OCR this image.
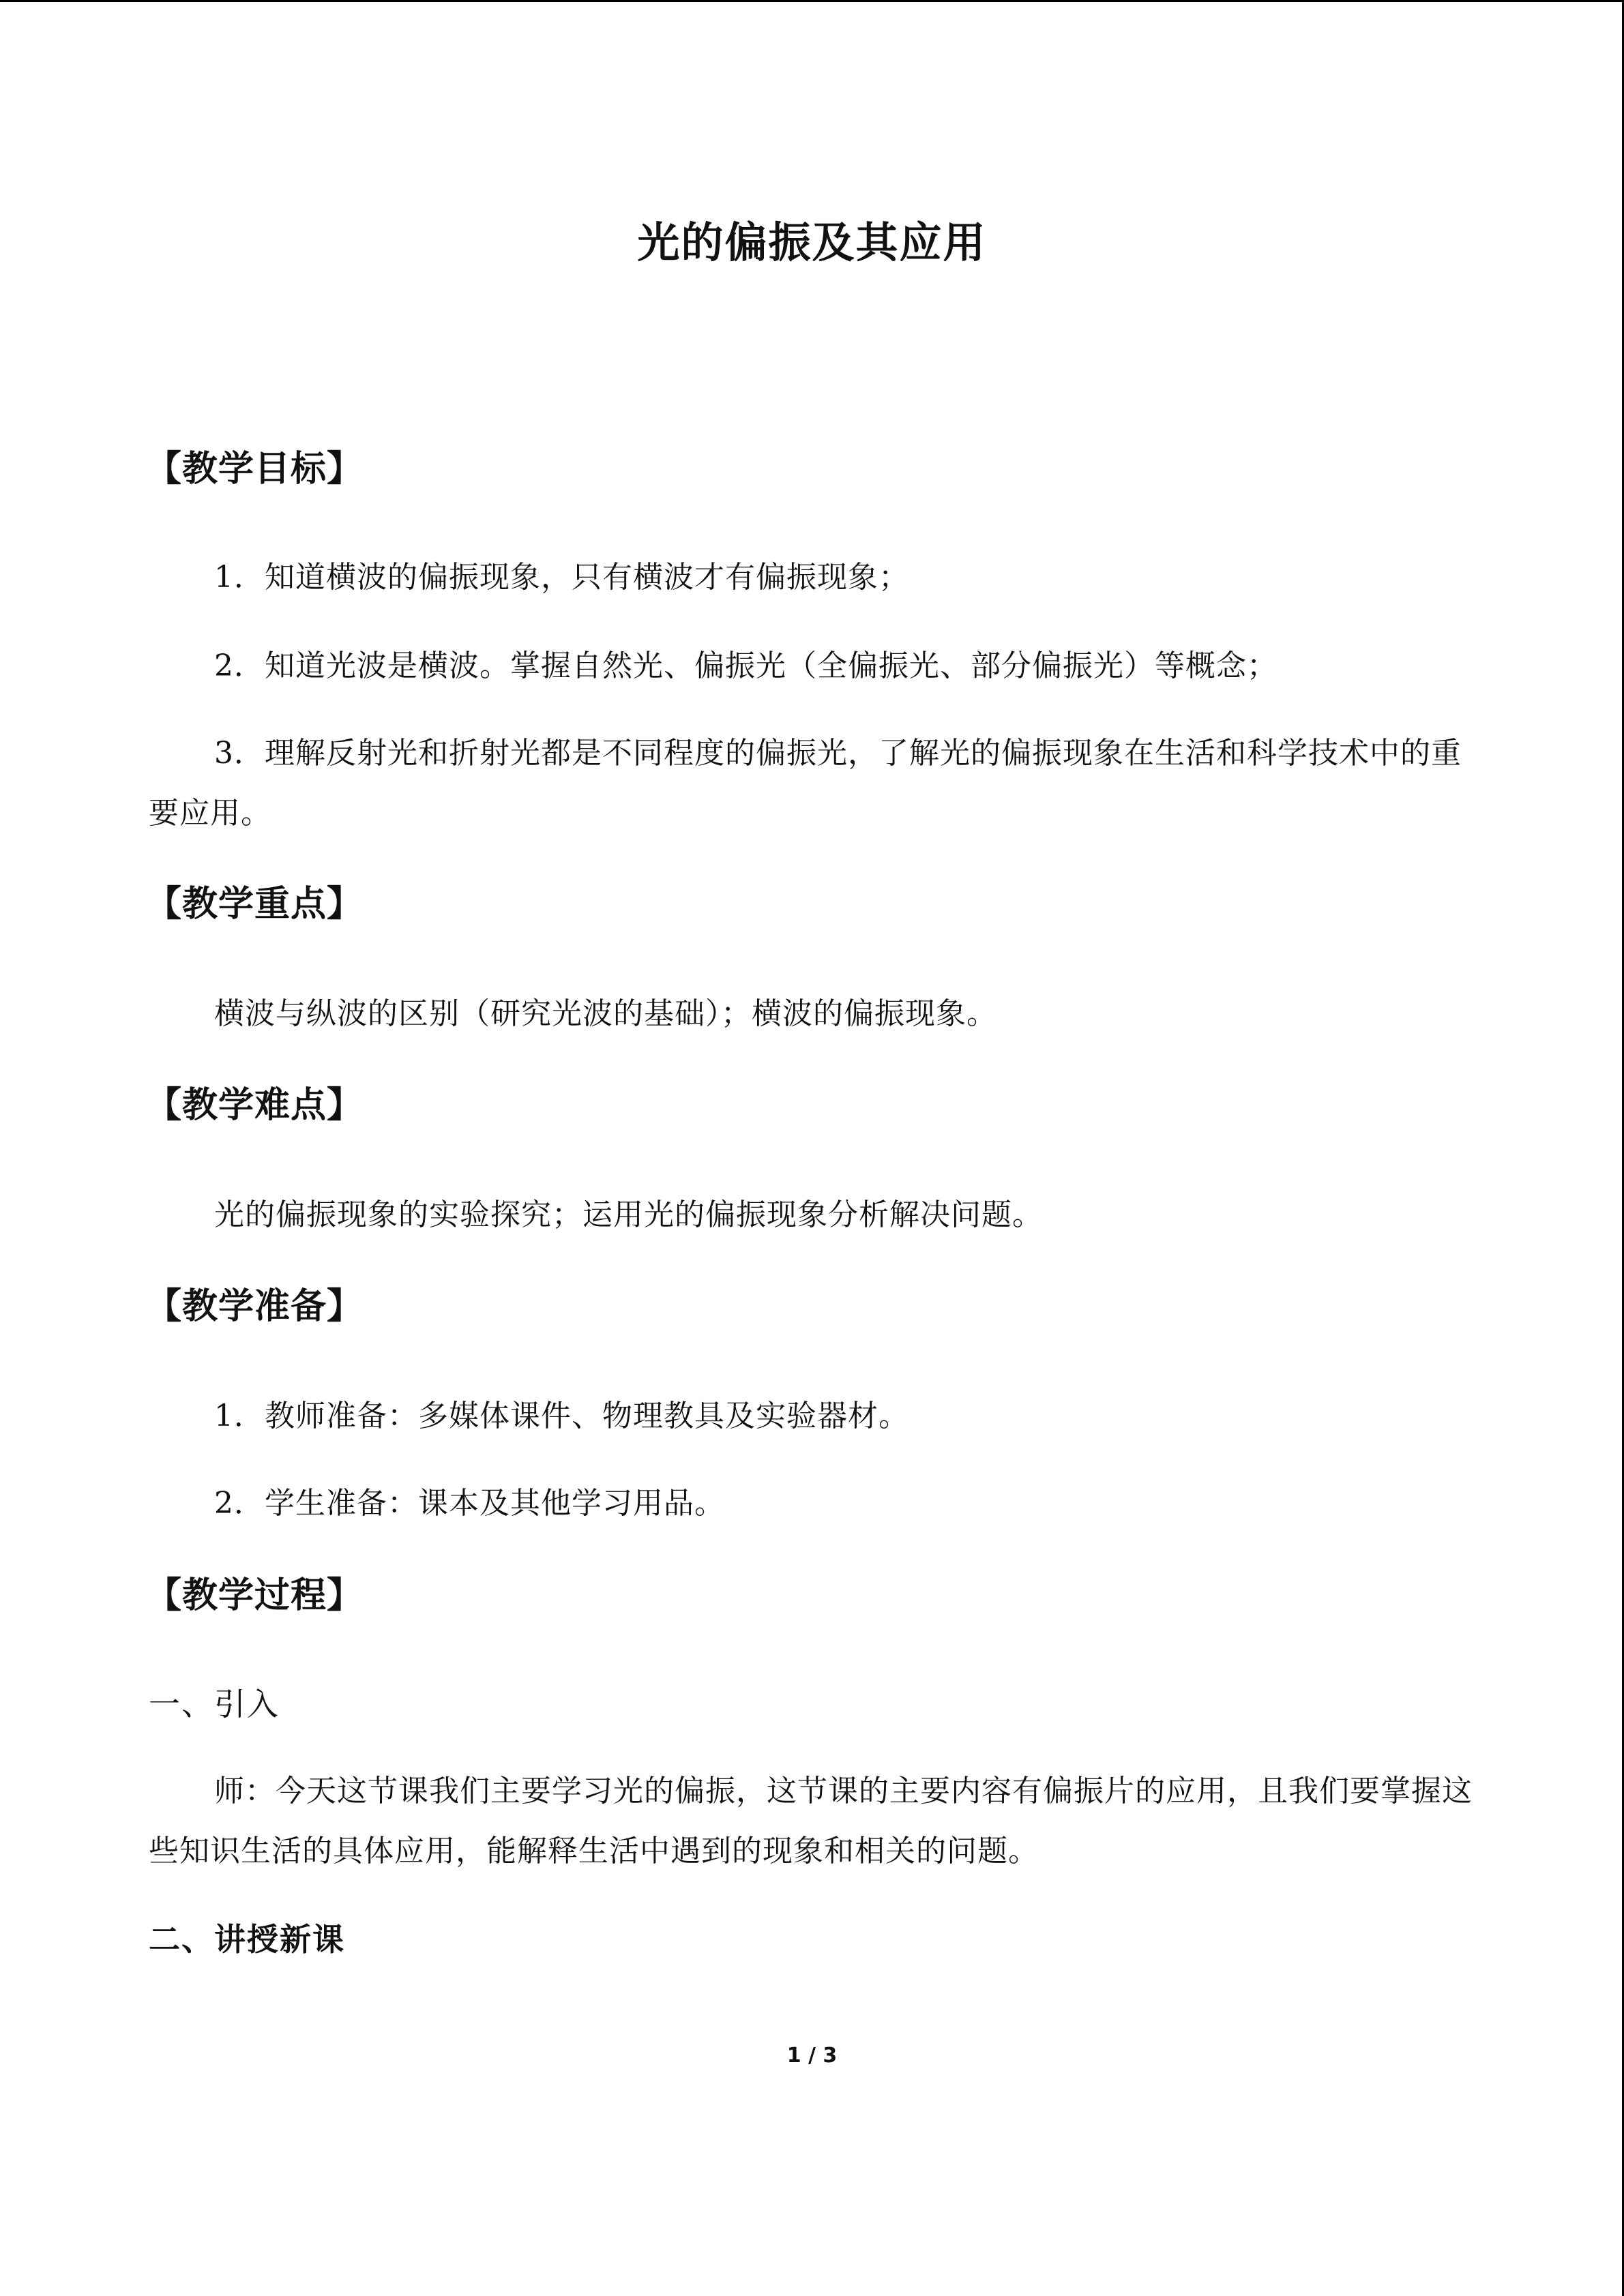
光的偏振及其应用
【教学目标】
1．知道横波的偏振现象，只有横波才有偏振现象；
2．知道光波是横波。掌握自然光、偏振光（全偏振光、部分偏振光）等概念；
3．理解反射光和折射光都是不同程度的偏振光，了解光的偏振现象在生活和科学技术中的重要应用。
【教学重点】
横波与纵波的区别（研究光波的基础）；横波的偏振现象。
【教学难点】
光的偏振现象的实验探究；运用光的偏振现象分析解决问题。
【教学准备】
1．教师准备：多媒体课件、物理教具及实验器材。
2．学生准备：课本及其他学习用品。
【教学过程】
一、引入
师：今天这节课我们主要学习光的偏振，这节课的主要内容有偏振片的应用，且我们要掌握这些知识生活的具体应用，能解释生活中遇到的现象和相关的问题。
二、讲授新课
1 / 3
